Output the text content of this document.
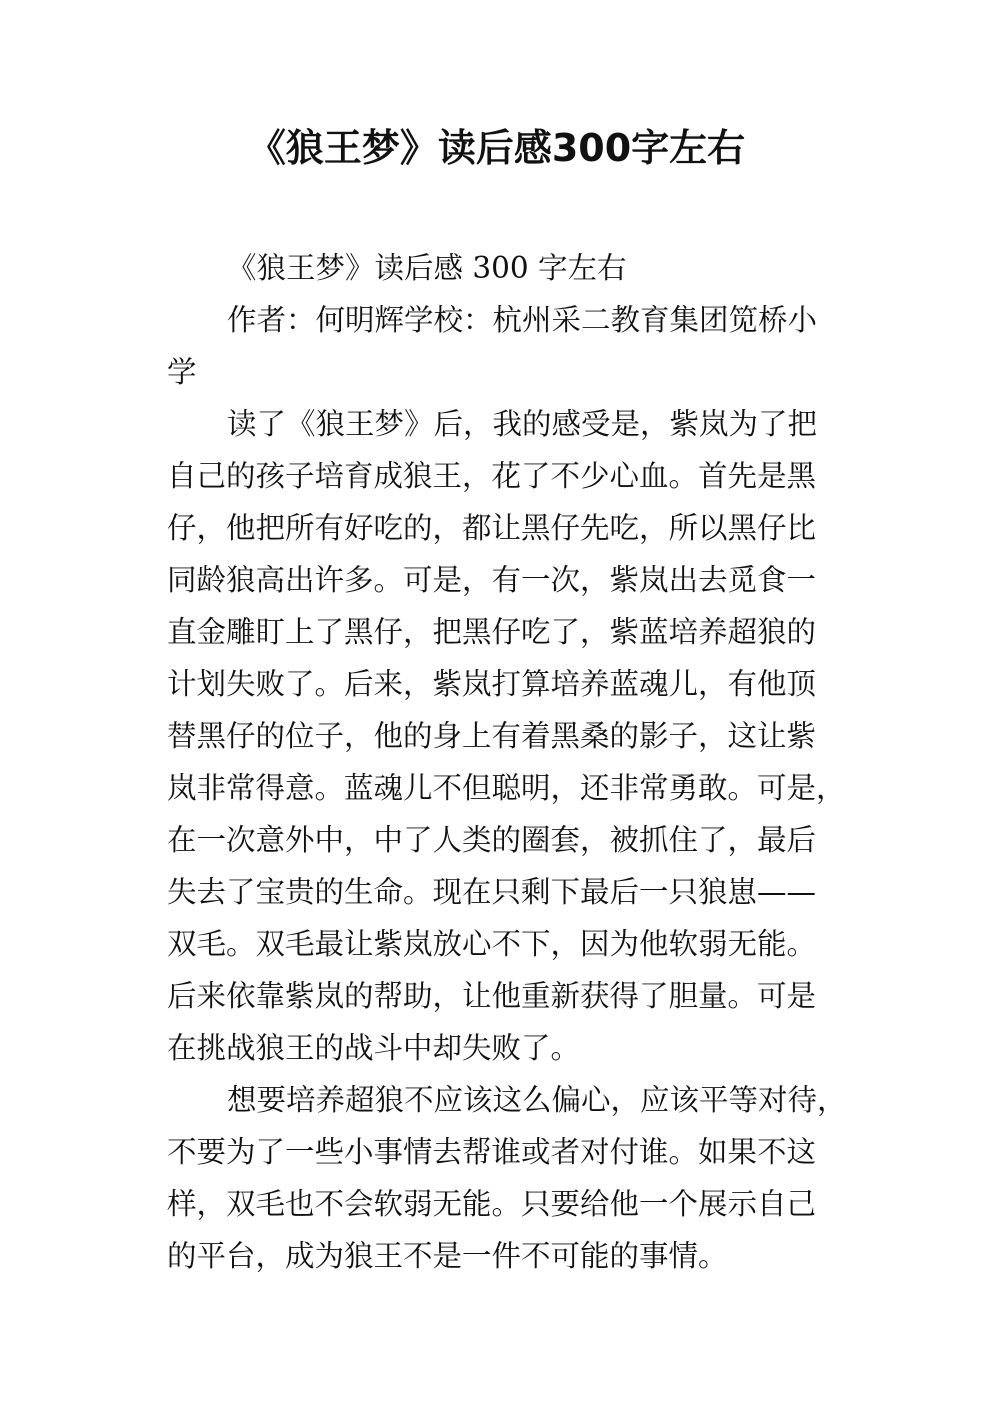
《狼王梦》读后感300字左右
《狼王梦》读后感 300 字左右
作者：何明辉学校：杭州采二教育集团笕桥小
学
读了《狼王梦》后，我的感受是，紫岚为了把
自己的孩子培育成狼王，花了不少心血。首先是黑
仔，他把所有好吃的，都让黑仔先吃，所以黑仔比
同龄狼高出许多。可是，有一次，紫岚出去觅食一
直金雕盯上了黑仔，把黑仔吃了，紫蓝培养超狼的
计划失败了。后来，紫岚打算培养蓝魂儿，有他顶
替黑仔的位子，他的身上有着黑桑的影子，这让紫
岚非常得意。蓝魂儿不但聪明，还非常勇敢。可是，
在一次意外中，中了人类的圈套，被抓住了，最后
失去了宝贵的生命。现在只剩下最后一只狼崽——
双毛。双毛最让紫岚放心不下，因为他软弱无能。
后来依靠紫岚的帮助，让他重新获得了胆量。可是
在挑战狼王的战斗中却失败了。
想要培养超狼不应该这么偏心，应该平等对待，
不要为了一些小事情去帮谁或者对付谁。如果不这
样，双毛也不会软弱无能。只要给他一个展示自己
的平台，成为狼王不是一件不可能的事情。
